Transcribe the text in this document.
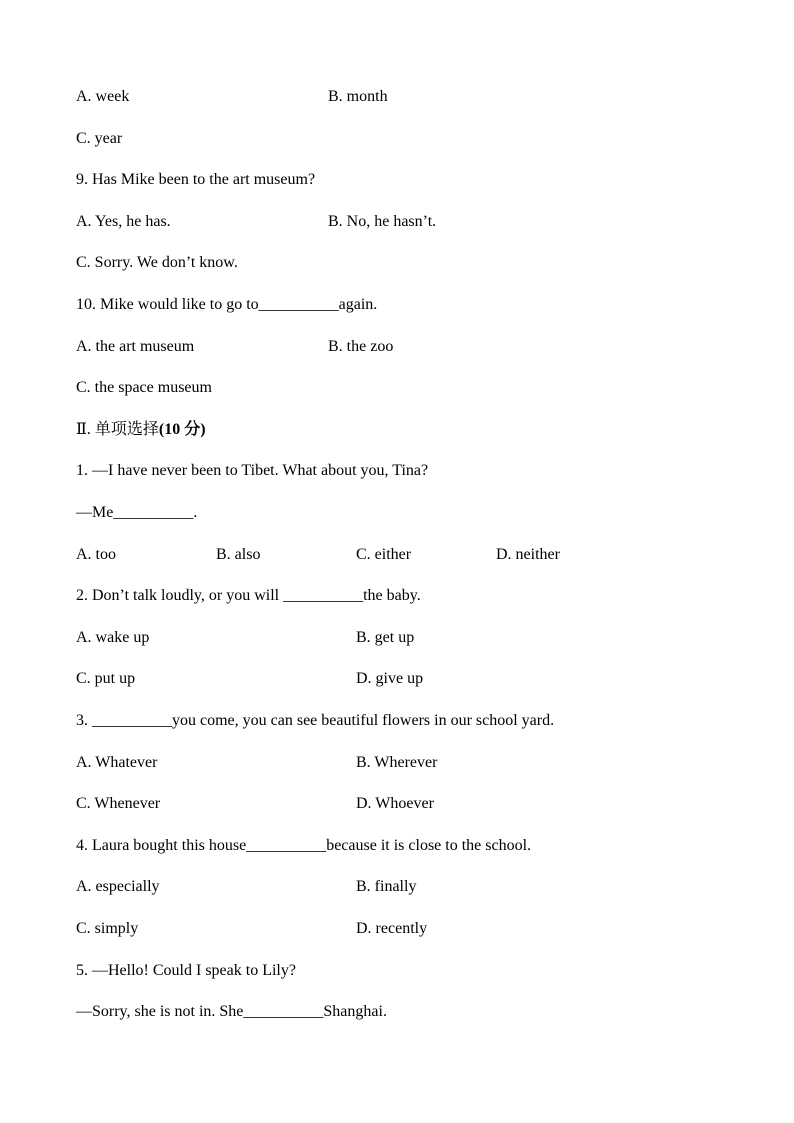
A. week	B. month
C. year
9. Has Mike been to the art museum?
A. Yes, he has.	B. No, he hasn’t.
C. Sorry. We don’t know.
10. Mike would like to go to__________again.
A. the art museum	B. the zoo
C. the space museum
Ⅱ. 单项选择(10 分)
1. —I have never been to Tibet. What about you, Tina?
—Me__________.
A. too	B. also	C. either	D. neither
2. Don’t talk loudly, or you will __________the baby.
A. wake up	B. get up
C. put up	D. give up
3. __________you come, you can see beautiful flowers in our school yard.
A. Whatever	B. Wherever
C. Whenever	D. Whoever
4. Laura bought this house__________because it is close to the school.
A. especially	B. finally
C. simply	D. recently
5. —Hello! Could I speak to Lily?
—Sorry, she is not in. She__________Shanghai.
